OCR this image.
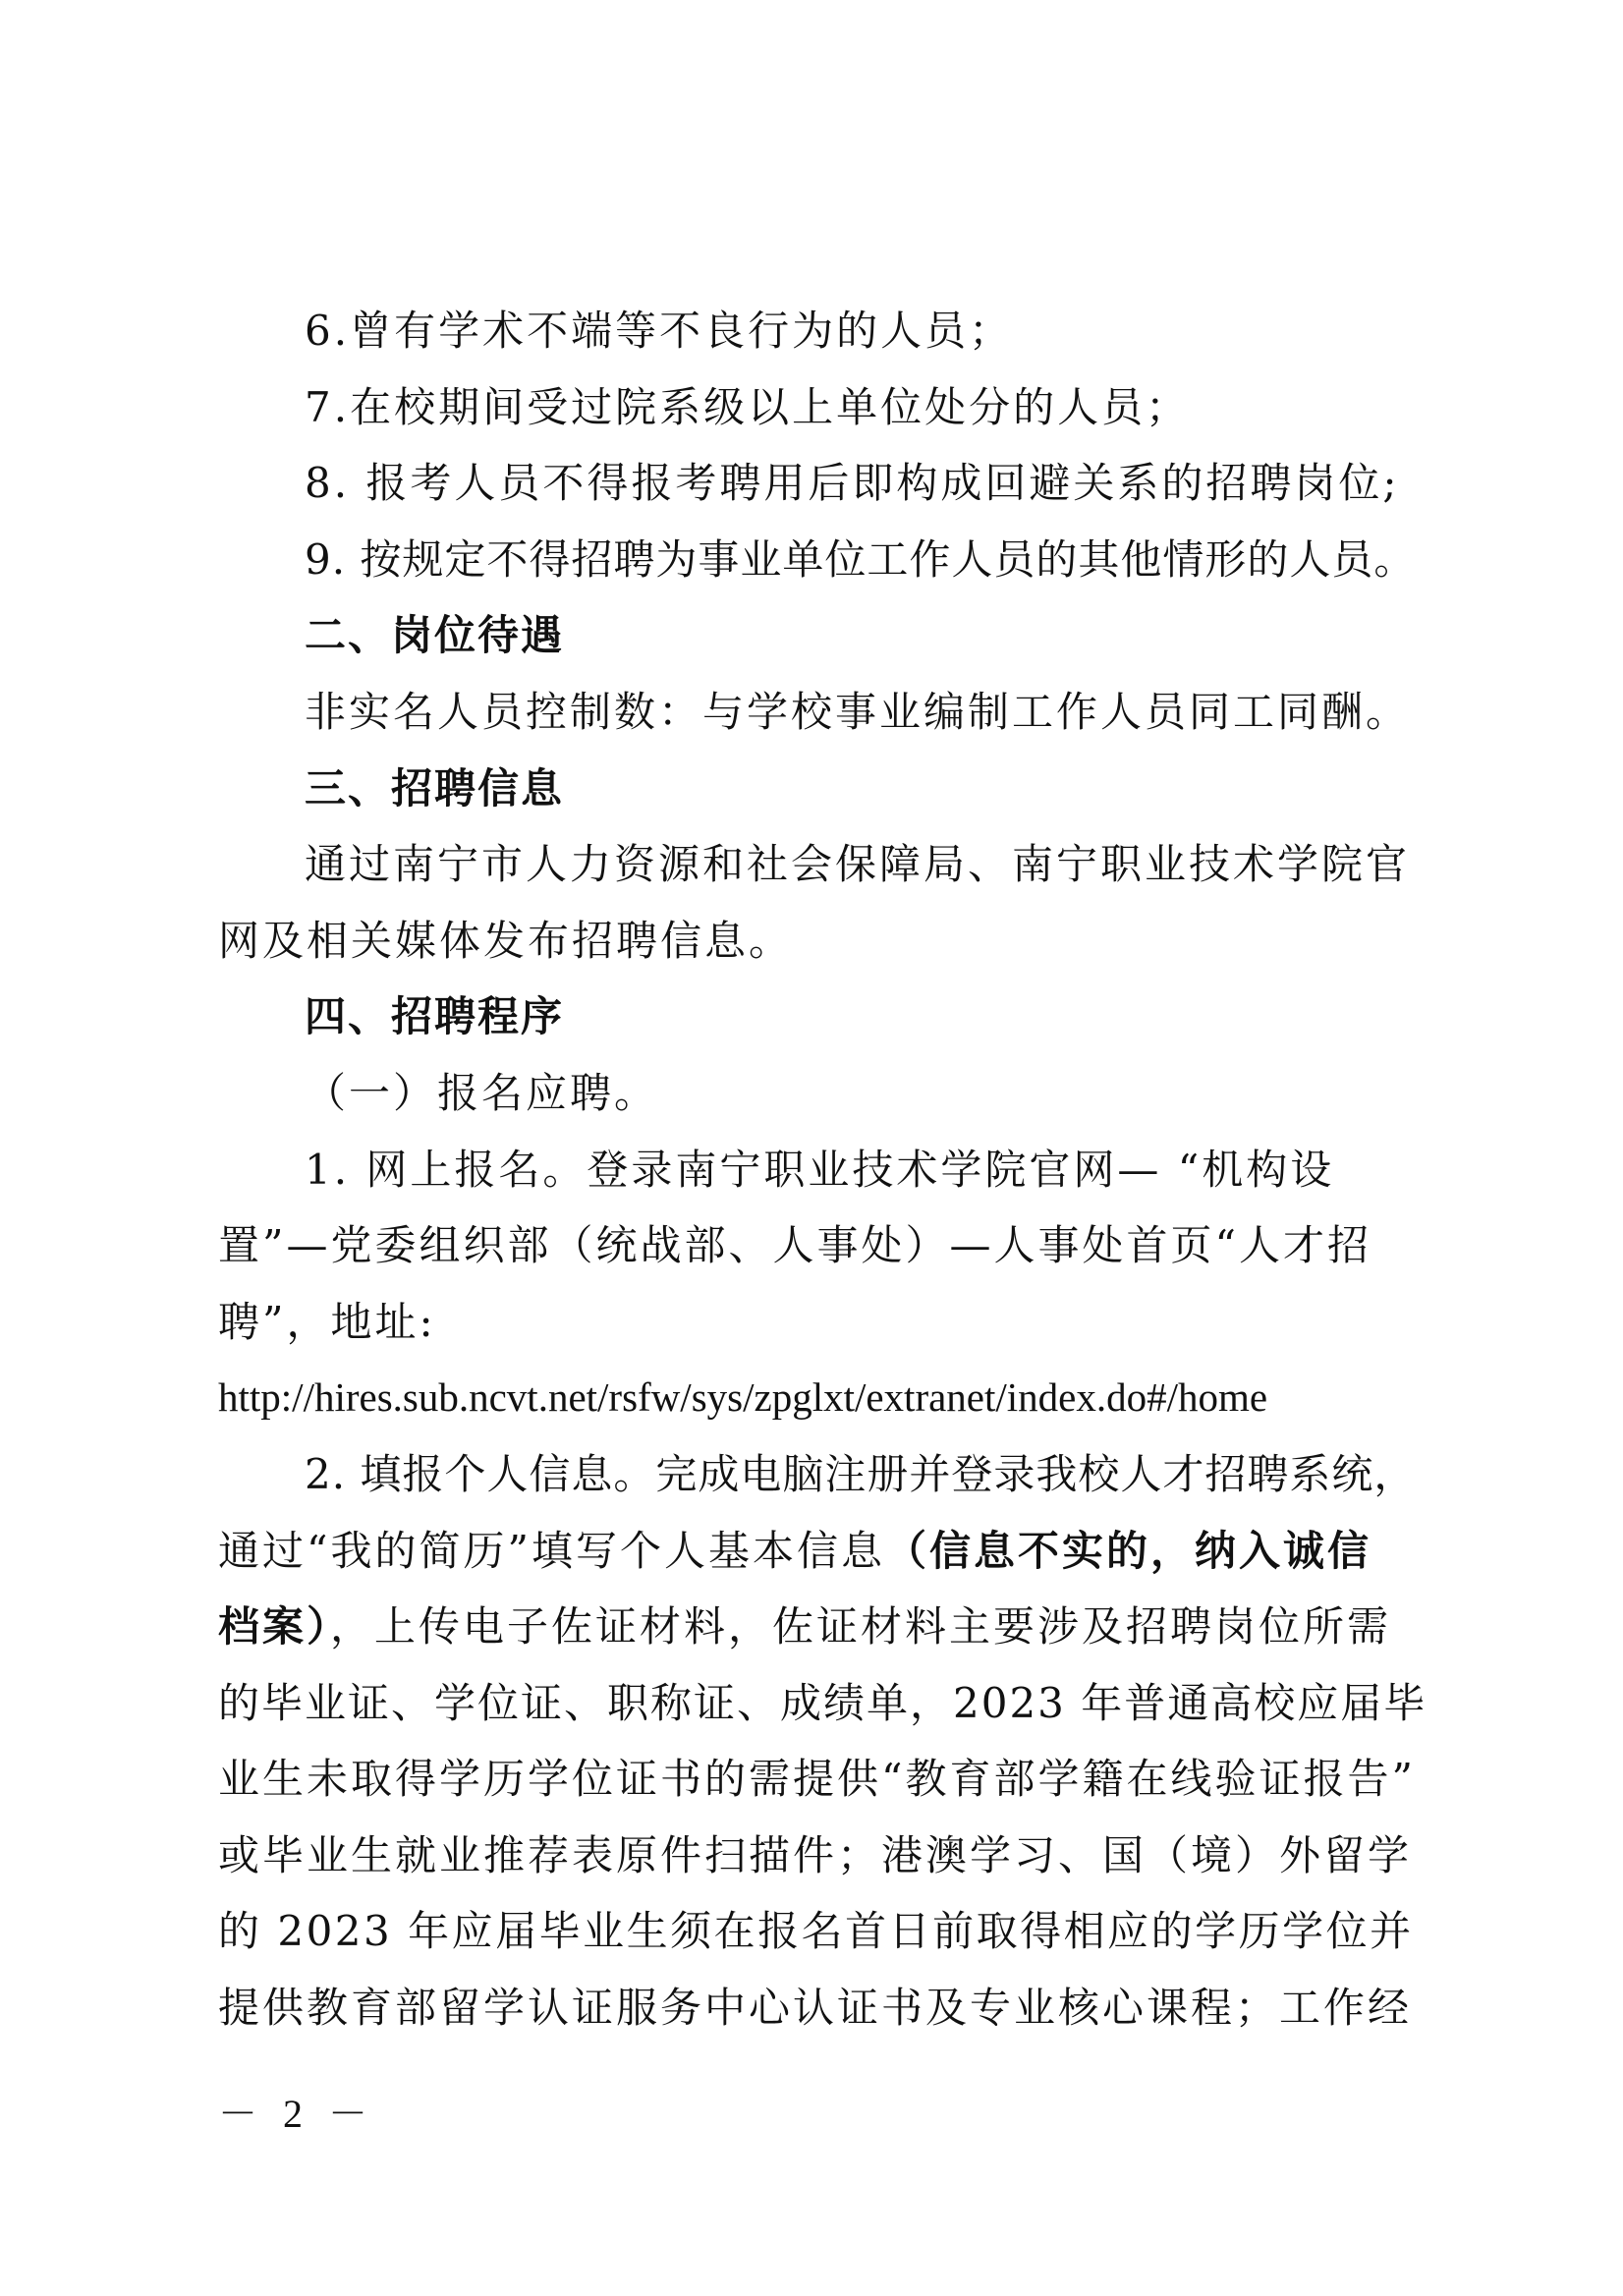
6.曾有学术不端等不良行为的人员；
7.在校期间受过院系级以上单位处分的人员；
8. 报考人员不得报考聘用后即构成回避关系的招聘岗位;
9. 按规定不得招聘为事业单位工作人员的其他情形的人员。
二、岗位待遇
非实名人员控制数：与学校事业编制工作人员同工同酬。
三、招聘信息
通过南宁市人力资源和社会保障局、南宁职业技术学院官
网及相关媒体发布招聘信息。
四、招聘程序
（一）报名应聘。
1. 网上报名。登录南宁职业技术学院官网— “机构设
置”—党委组织部（统战部、人事处）—人事处首页“人才招
聘”，地址:
http://hires.sub.ncvt.net/rsfw/sys/zpglxt/extranet/index.do#/home
2. 填报个人信息。完成电脑注册并登录我校人才招聘系统，
通过“我的简历”填写个人基本信息（信息不实的，纳入诚信
档案），上传电子佐证材料，佐证材料主要涉及招聘岗位所需
的毕业证、学位证、职称证、成绩单，2023 年普通高校应届毕
业生未取得学历学位证书的需提供“教育部学籍在线验证报告”
或毕业生就业推荐表原件扫描件；港澳学习、国（境）外留学
的 2023 年应届毕业生须在报名首日前取得相应的学历学位并
提供教育部留学认证服务中心认证书及专业核心课程；工作经
－ 2 －
